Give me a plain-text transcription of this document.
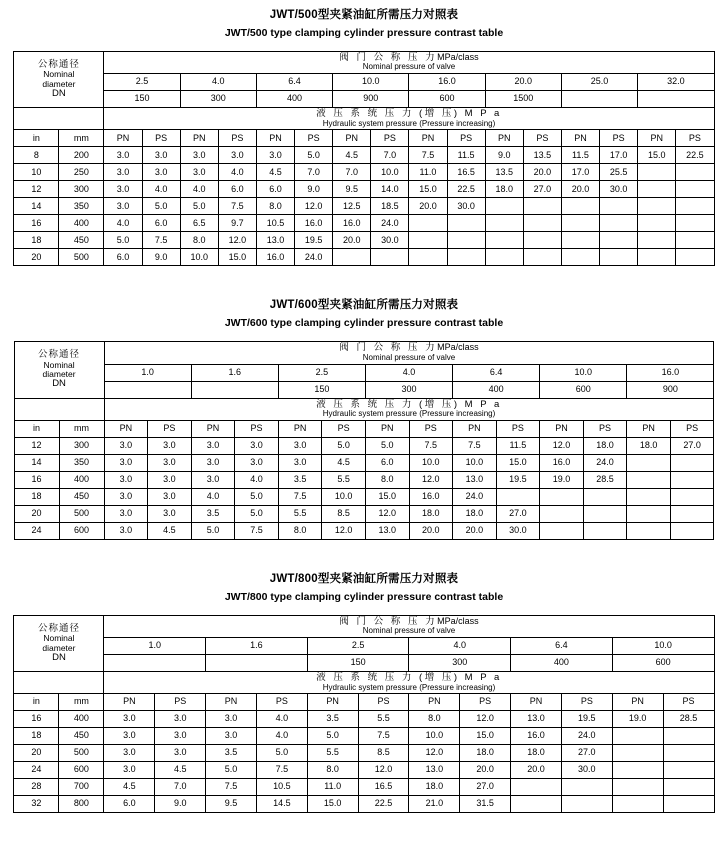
JWT/500型夹紧油缸所需压力对照表
JWT/500 type clamping cylinder pressure contrast table
公称通径
Nominal
diameter
DN

阀 门 公 称 压 力MPa/class
Nominal pressure of valve

		2.5		4.0		6.4		10.0		16.0		20.0		25.0		32.0	
		150		300		400		900		600		1500					

		液 压 系 统 压 力 (增 压) M P a
Hydraulic system pressure (Pressure increasing)															

in	mm	PN	PS	PN	PS	PN	PS	PN	PS	PN	PS	PN	PS	PN	PS	PN	PS
8	200	3.0	3.0	3.0	3.0	3.0	5.0	4.5	7.0	7.5	11.5	9.0	13.5	11.5	17.0	15.0	22.5
10	250	3.0	3.0	3.0	4.0	4.5	7.0	7.0	10.0	11.0	16.5	13.5	20.0	17.0	25.5		
12	300	3.0	4.0	4.0	6.0	6.0	9.0	9.5	14.0	15.0	22.5	18.0	27.0	20.0	30.0		
14	350	3.0	5.0	5.0	7.5	8.0	12.0	12.5	18.5	20.0	30.0						
16	400	4.0	6.0	6.5	9.7	10.5	16.0	16.0	24.0								
18	450	5.0	7.5	8.0	12.0	13.0	19.5	20.0	30.0								
20	500	6.0	9.0	10.0	15.0	16.0	24.0										
JWT/600型夹紧油缸所需压力对照表
JWT/600 type clamping cylinder pressure contrast table
公称通径
Nominal
diameter
DN

阀 门 公 称 压 力MPa/class
Nominal pressure of valve

		1.0		1.6		2.5		4.0		6.4		10.0		16.0	
						150		300		400		600		900	

		液 压 系 统 压 力 (增 压) M P a
Hydraulic system pressure (Pressure increasing)													

in	mm	PN	PS	PN	PS	PN	PS	PN	PS	PN	PS	PN	PS	PN	PS
12	300	3.0	3.0	3.0	3.0	3.0	5.0	5.0	7.5	7.5	11.5	12.0	18.0	18.0	27.0
14	350	3.0	3.0	3.0	3.0	3.0	4.5	6.0	10.0	10.0	15.0	16.0	24.0		
16	400	3.0	3.0	3.0	4.0	3.5	5.5	8.0	12.0	13.0	19.5	19.0	28.5		
18	450	3.0	3.0	4.0	5.0	7.5	10.0	15.0	16.0	24.0					
20	500	3.0	3.0	3.5	5.0	5.5	8.5	12.0	18.0	18.0	27.0				
24	600	3.0	4.5	5.0	7.5	8.0	12.0	13.0	20.0	20.0	30.0				
JWT/800型夹紧油缸所需压力对照表
JWT/800 type clamping cylinder pressure contrast table
公称通径
Nominal
diameter
DN

阀 门 公 称 压 力MPa/class
Nominal pressure of valve

		1.0		1.6		2.5		4.0		6.4		10.0	
						150		300		400		600	

		液 压 系 统 压 力 (增 压) M P a
Hydraulic system pressure (Pressure increasing)											

in	mm	PN	PS	PN	PS	PN	PS	PN	PS	PN	PS	PN	PS
16	400	3.0	3.0	3.0	4.0	3.5	5.5	8.0	12.0	13.0	19.5	19.0	28.5
18	450	3.0	3.0	3.0	4.0	5.0	7.5	10.0	15.0	16.0	24.0		
20	500	3.0	3.0	3.5	5.0	5.5	8.5	12.0	18.0	18.0	27.0		
24	600	3.0	4.5	5.0	7.5	8.0	12.0	13.0	20.0	20.0	30.0		
28	700	4.5	7.0	7.5	10.5	11.0	16.5	18.0	27.0				
32	800	6.0	9.0	9.5	14.5	15.0	22.5	21.0	31.5				
